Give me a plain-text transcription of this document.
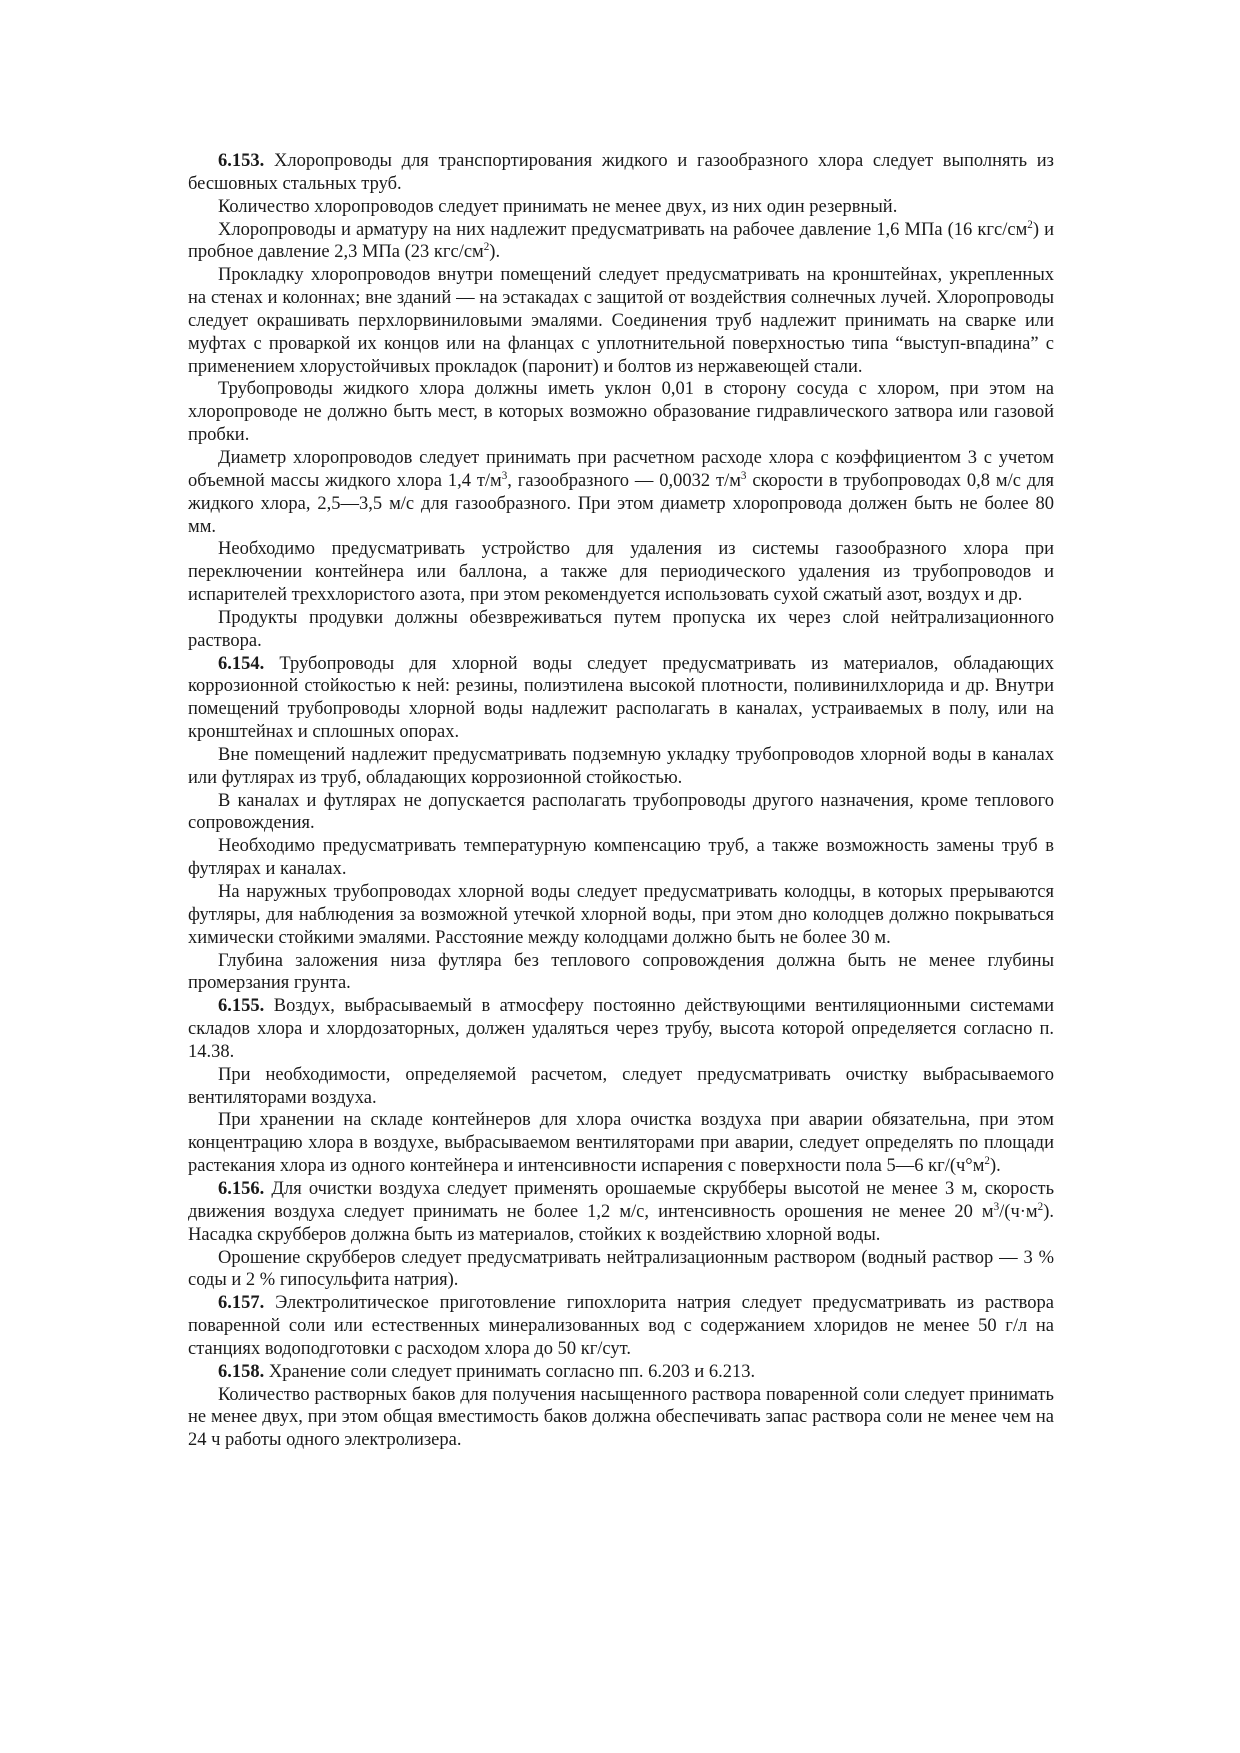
6.153. Хлоропроводы для транспортирования жидкого и газообразного хлора следует выполнять из бесшовных стальных труб.

Количество хлоропроводов следует принимать не менее двух, из них один резервный.

Хлоропроводы и арматуру на них надлежит предусматривать на рабочее давление 1,6 МПа (16 кгс/$см^2$) и пробное давление 2,3 МПа (23 кгс/$см^2$).

Прокладку хлоропроводов внутри помещений следует предусматривать на кронштейнах, укрепленных на стенах и колоннах; вне зданий — на эстакадах с защитой от воздействия солнечных лучей. Хлоропроводы следует окрашивать перхлорвиниловыми эмалями. Соединения труб надлежит принимать на сварке или муфтах с проваркой их концов или на фланцах с уплотнительной поверхностью типа “выступ-впадина” с применением хлорустойчивых прокладок (паронит) и болтов из нержавеющей стали.

Трубопроводы жидкого хлора должны иметь уклон 0,01 в сторону сосуда с хлором, при этом на хлоропроводе не должно быть мест, в которых возможно образование гидравлического затвора или газовой пробки.

Диаметр хлоропроводов следует принимать при расчетном расходе хлора с коэффициентом 3 с учетом объемной массы жидкого хлора 1,4 $т/м^3$, газообразного — 0,0032 $т/м^3$ скорости в трубопроводах 0,8 м/с для жидкого хлора, 2,5—3,5 м/с для газообразного. При этом диаметр хлоропровода должен быть не более 80 мм.

Необходимо предусматривать устройство для удаления из системы газообразного хлора при переключении контейнера или баллона, а также для периодического удаления из трубопроводов и испарителей треххлористого азота, при этом рекомендуется использовать сухой сжатый азот, воздух и др.

Продукты продувки должны обезвреживаться путем пропуска их через слой нейтрализационного раствора.

6.154. Трубопроводы для хлорной воды следует предусматривать из материалов, обладающих коррозионной стойкостью к ней: резины, полиэтилена высокой плотности, поливинилхлорида и др. Внутри помещений трубопроводы хлорной воды надлежит располагать в каналах, устраиваемых в полу, или на кронштейнах и сплошных опорах.

Вне помещений надлежит предусматривать подземную укладку трубопроводов хлорной воды в каналах или футлярах из труб, обладающих коррозионной стойкостью.

В каналах и футлярах не допускается располагать трубопроводы другого назначения, кроме теплового сопровождения.

Необходимо предусматривать температурную компенсацию труб, а также возможность замены труб в футлярах и каналах.

На наружных трубопроводах хлорной воды следует предусматривать колодцы, в которых прерываются футляры, для наблюдения за возможной утечкой хлорной воды, при этом дно колодцев должно покрываться химически стойкими эмалями. Расстояние между колодцами должно быть не более 30 м.

Глубина заложения низа футляра без теплового сопровождения должна быть не менее глубины промерзания грунта.

6.155. Воздух, выбрасываемый в атмосферу постоянно действующими вентиляционными системами складов хлора и хлордозаторных, должен удаляться через трубу, высота которой определяется согласно п. 14.38.

При необходимости, определяемой расчетом, следует предусматривать очистку выбрасываемого вентиляторами воздуха.

При хранении на складе контейнеров для хлора очистка воздуха при аварии обязательна, при этом концентрацию хлора в воздухе, выбрасываемом вентиляторами при аварии, следует определять по площади растекания хлора из одного контейнера и интенсивности испарения с поверхности пола 5—6 $кг/(ч^\circ м^2)$.

6.156. Для очистки воздуха следует применять орошаемые скрубберы высотой не менее 3 м, скорость движения воздуха следует принимать не более 1,2 м/с, интенсивность орошения не менее 20 $м^3/(ч\cdot м^2)$. Насадка скрубберов должна быть из материалов, стойких к воздействию хлорной воды.

Орошение скрубберов следует предусматривать нейтрализационным раствором (водный раствор — 3 % соды и 2 % гипосульфита натрия).

6.157. Электролитическое приготовление гипохлорита натрия следует предусматривать из раствора поваренной соли или естественных минерализованных вод с содержанием хлоридов не менее 50 г/л на станциях водоподготовки с расходом хлора до 50 кг/сут.

6.158. Хранение соли следует принимать согласно пп. 6.203 и 6.213.

Количество растворных баков для получения насыщенного раствора поваренной соли следует принимать не менее двух, при этом общая вместимость баков должна обеспечивать запас раствора соли не менее чем на 24 ч работы одного электролизера.
